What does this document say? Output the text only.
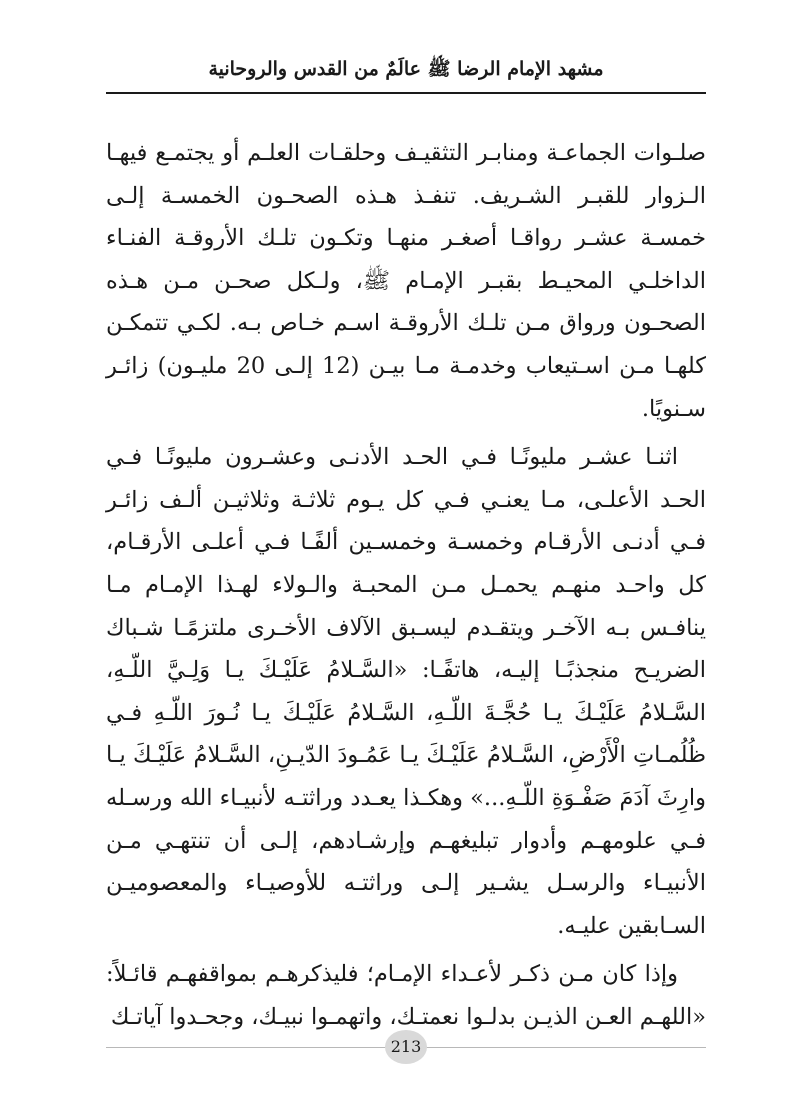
مشهد الإمام الرضا ﷺ عالَمٌ من القدس والروحانية

صلـوات الجماعـة ومنابـر التثقيـف وحلقـات العلـم أو يجتمـع فيهـا الـزوار للقبـر الشـريف. تنفـذ هـذه الصحـون الخمسـة إلـى خمسـة عشـر رواقـا أصغـر منهـا وتكـون تلـك الأروقـة الفنـاء الداخلـي المحيـط بقبـر الإمـام ﷺ، ولـكل صحـن مـن هـذه الصحـون ورواق مـن تلـك الأروقـة اسـم خـاص بـه. لكـي تتمكـن كلهـا مـن اسـتيعاب وخدمـة مـا بيـن (12 إلـى 20 مليـون) زائـر سـنويًا.

اثنـا عشـر مليونًـا فـي الحـد الأدنـى وعشـرون مليونًـا فـي الحـد الأعلـى، مـا يعنـي فـي كل يـوم ثلاثـة وثلاثيـن ألـف زائـر فـي أدنـى الأرقـام وخمسـة وخمسـين ألفًـا فـي أعلـى الأرقـام، كل واحـد منهـم يحمـل مـن المحبـة والـولاء لهـذا الإمـام مـا ينافـس بـه الآخـر ويتقـدم ليسـبق الآلاف الأخـرى ملتزمًـا شـباك الضريـح منجذبًـا إليـه، هاتفًـا: «السَّـلامُ عَلَيْـكَ يـا وَلِـيَّ اللّـهِ، السَّـلامُ عَلَيْـكَ يـا حُجَّـةَ اللّـهِ، السَّـلامُ عَلَيْـكَ يـا نُـورَ اللّـهِ فـي ظُلُمـاتِ الْأَرْضِ، السَّـلامُ عَلَيْـكَ يـا عَمُـودَ الدّيـنِ، السَّـلامُ عَلَيْـكَ يـا وارِثَ آدَمَ صَفْـوَةِ اللّـهِ...» وهكـذا يعـدد وراثتـه لأنبيـاء الله ورسـله فـي علومهـم وأدوار تبليغهـم وإرشـادهم، إلـى أن تنتهـي مـن الأنبيـاء والرسـل يشـير إلـى وراثتـه للأوصيـاء والمعصوميـن السـابقين عليـه.

وإذا كان مـن ذكـر لأعـداء الإمـام؛ فليذكرهـم بمواقفهـم قائـلاً: «اللهـم العـن الذيـن بدلـوا نعمتـك، واتهمـوا نبيـك، وجحـدوا آياتـك

213
